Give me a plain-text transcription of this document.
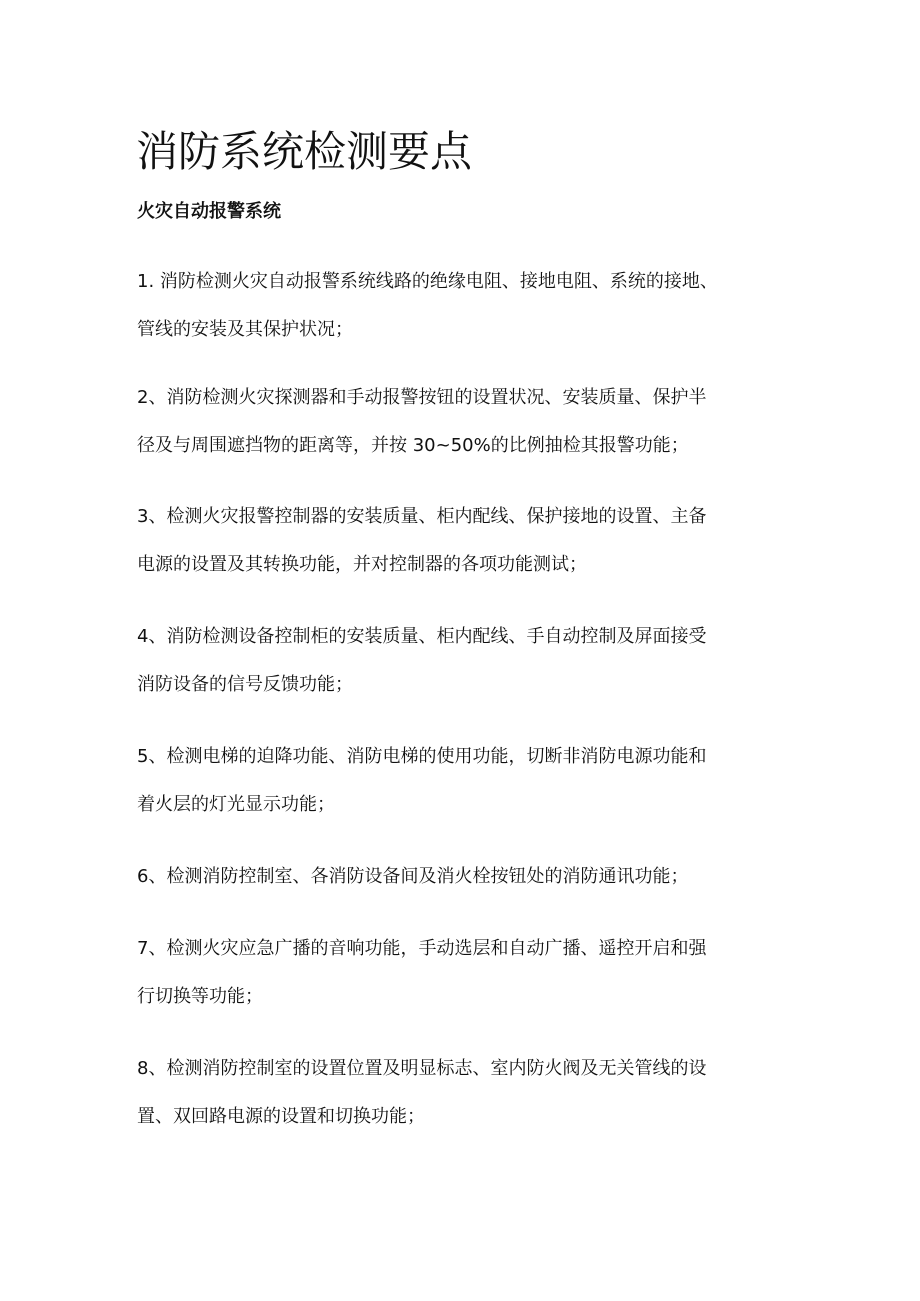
消防系统检测要点
火灾自动报警系统

1. 消防检测火灾自动报警系统线路的绝缘电阻、接地电阻、系统的接地、
管线的安装及其保护状况；

2、消防检测火灾探测器和手动报警按钮的设置状况、安装质量、保护半
径及与周围遮挡物的距离等，并按 30~50%的比例抽检其报警功能；

3、检测火灾报警控制器的安装质量、柜内配线、保护接地的设置、主备
电源的设置及其转换功能，并对控制器的各项功能测试；

4、消防检测设备控制柜的安装质量、柜内配线、手自动控制及屏面接受
消防设备的信号反馈功能；

5、检测电梯的迫降功能、消防电梯的使用功能，切断非消防电源功能和
着火层的灯光显示功能；

6、检测消防控制室、各消防设备间及消火栓按钮处的消防通讯功能；

7、检测火灾应急广播的音响功能，手动选层和自动广播、遥控开启和强
行切换等功能；

8、检测消防控制室的设置位置及明显标志、室内防火阀及无关管线的设
置、双回路电源的设置和切换功能；
